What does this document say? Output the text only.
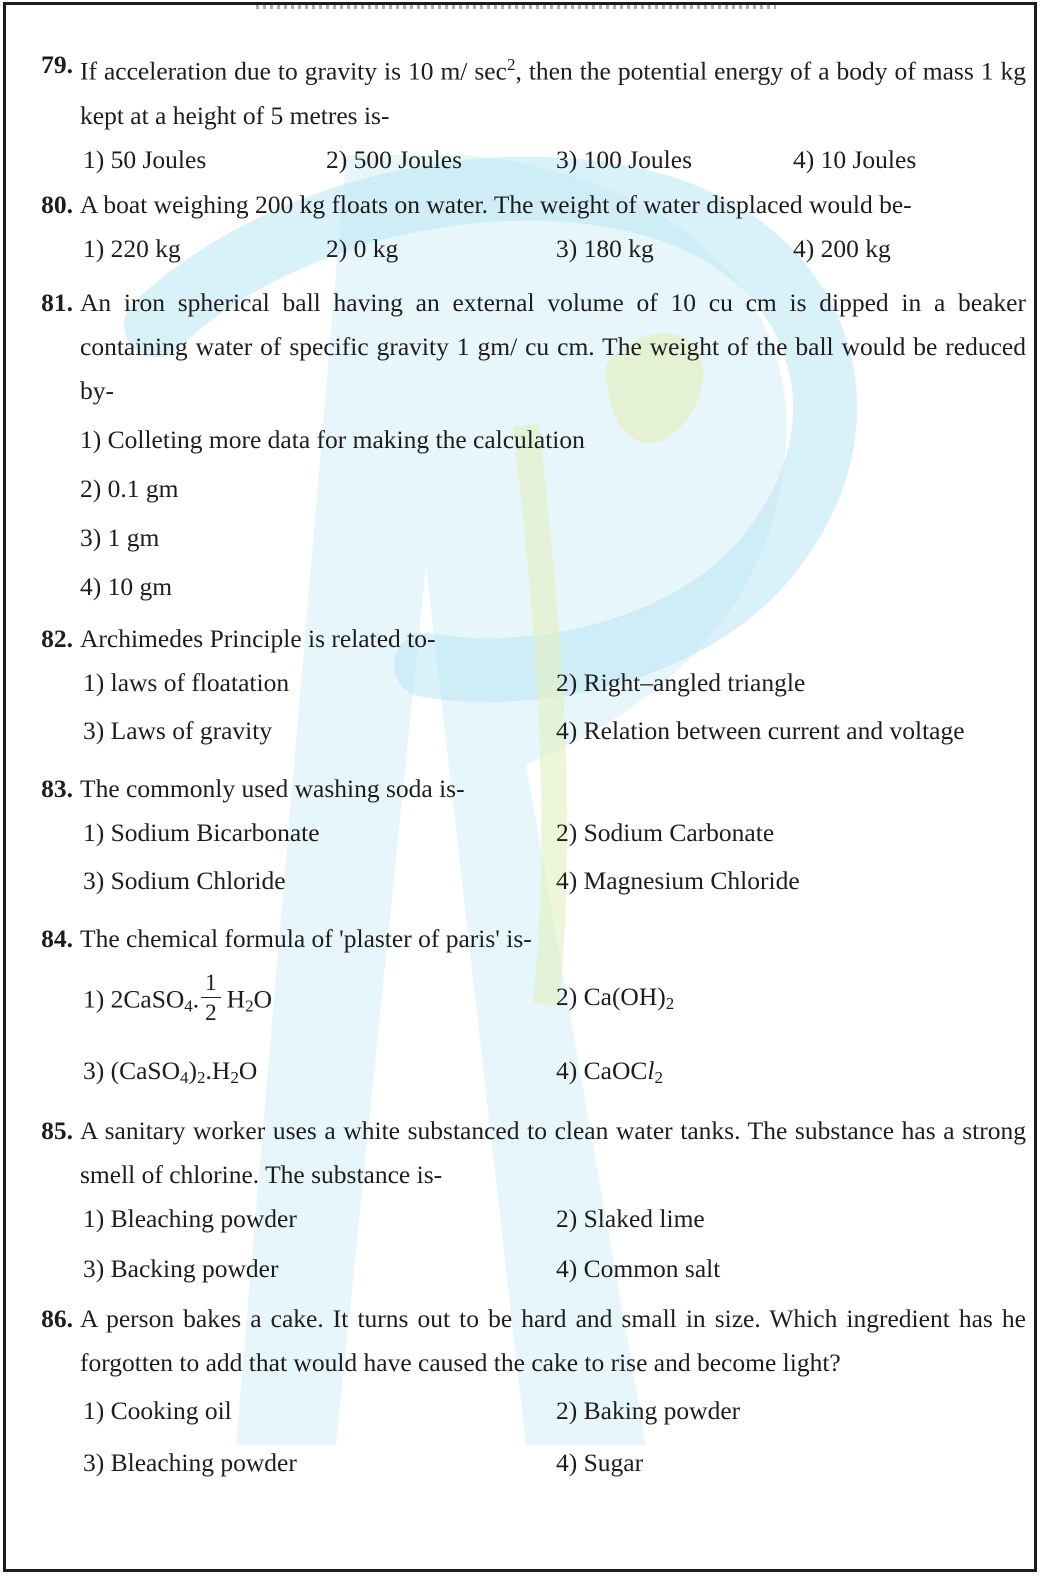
79. If acceleration due to gravity is 10 m/ $\sec^2$, then the potential energy of a body of mass 1 kg kept at a height of 5 metres is-
1) 50 Joules	2) 500 Joules	3) 100 Joules	4) 10 Joules
80. A boat weighing 200 kg floats on water. The weight of water displaced would be-
1) 220 kg	2) 0 kg	3) 180 kg	4) 200 kg
81. An iron spherical ball having an external volume of 10 cu cm is dipped in a beaker containing water of specific gravity 1 gm/ cu cm. The weight of the ball would be reduced by-
1) Colleting more data for making the calculation
2) 0.1 gm
3) 1 gm
4) 10 gm
82. Archimedes Principle is related to-
1) laws of floatation	2) Right–angled triangle
3) Laws of gravity	4) Relation between current and voltage
83. The commonly used washing soda is-
1) Sodium Bicarbonate	2) Sodium Carbonate
3) Sodium Chloride	4) Magnesium Chloride
84. The chemical formula of 'plaster of paris' is-
1) 2CaSO$_4$. $\frac{1}{2} H_2O$	2) $Ca(OH)_2$
3) $(CaSO_4)_2.H_2O$	4) CaOCl$_2$
85. A sanitary worker uses a white substanced to clean water tanks. The substance has a strong smell of chlorine. The substance is-
1) Bleaching powder	2) Slaked lime
3) Backing powder	4) Common salt
86. A person bakes a cake. It turns out to be hard and small in size. Which ingredient has he forgotten to add that would have caused the cake to rise and become light?
1) Cooking oil	2) Baking powder
3) Bleaching powder	4) Sugar
